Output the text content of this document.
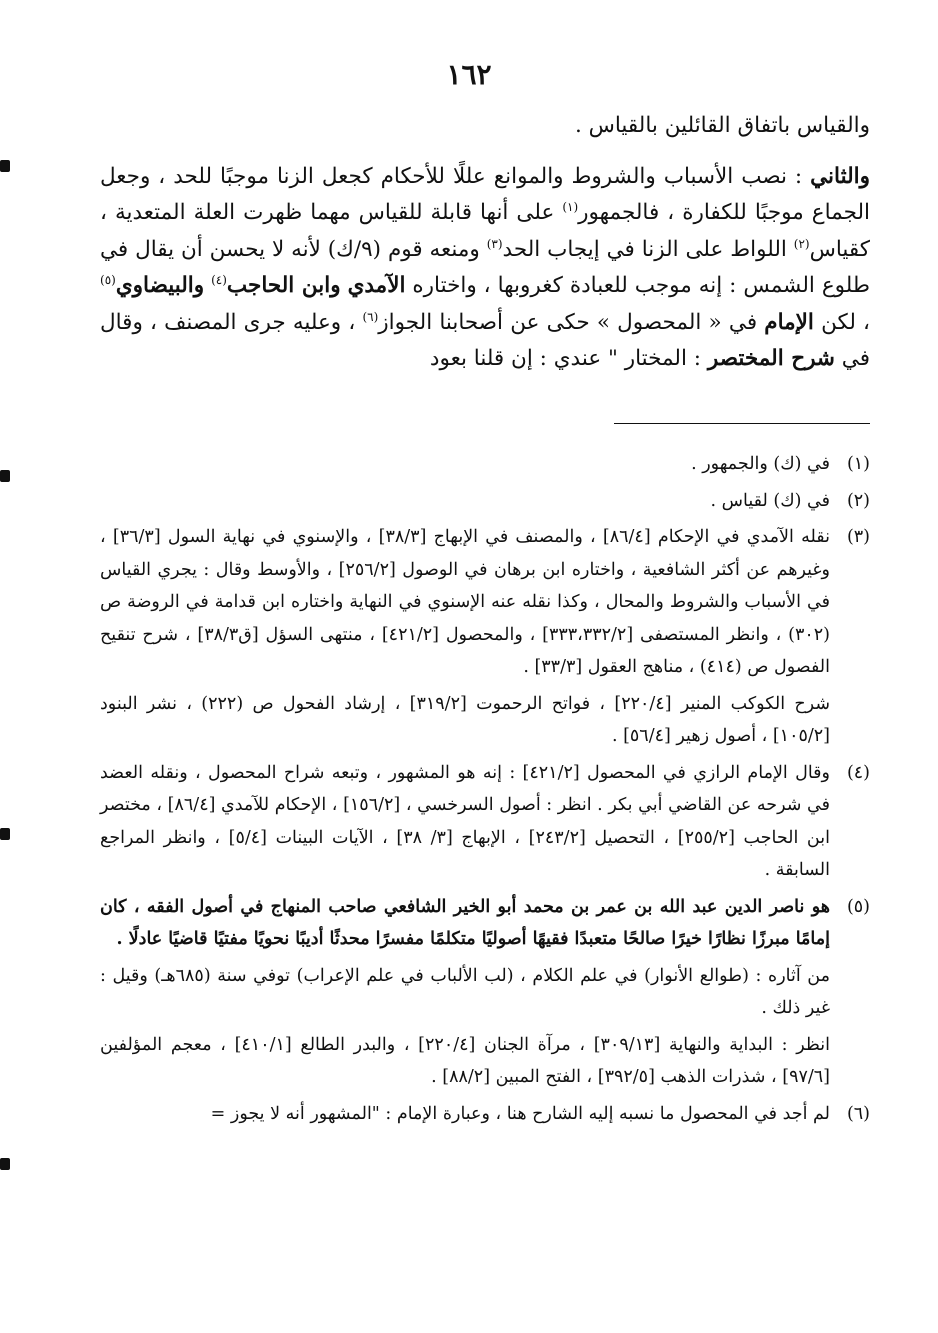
١٦٢

والقياس باتفاق القائلين بالقياس .

والثاني : نصب الأسباب والشروط والموانع عللًا للأحكام كجعل الزنا موجبًا للحد ، وجعل الجماع موجبًا للكفارة ، فالجمهور$^{(١)}$ على أنها قابلة للقياس مهما ظهرت العلة المتعدية ، كقياس$^{(٢)}$ اللواط على الزنا في إيجاب الحد$^{(٣)}$ ومنعه قوم (٩/ك) لأنه لا يحسن أن يقال في طلوع الشمس : إنه موجب للعبادة كغروبها ، واختاره الآمدي وابن الحاجب$^{(٤)}$ والبيضاوي$^{(٥)}$ ، لكن الإمام في « المحصول » حكى عن أصحابنا الجواز$^{(٦)}$ ، وعليه جرى المصنف ، وقال في شرح المختصر : المختار " عندي : إن قلنا بعود

(١)
في (ك) والجمهور .
(٢)
في (ك) لقياس .
(٣)
نقله الآمدي في الإحكام [٨٦/٤] ، والمصنف في الإبهاج [٣٨/٣] ، والإسنوي في نهاية السول [٣٦/٣] ، وغيرهم عن أكثر الشافعية ، واختاره ابن برهان في الوصول [٢٥٦/٢] ، والأوسط وقال : يجري القياس في الأسباب والشروط والمحال ، وكذا نقله عنه الإسنوي في النهاية واختاره ابن قدامة في الروضة ص (٣٠٢) ، وانظر المستصفى [٣٣٣،٣٣٢/٢] ، والمحصول [٤٢١/٢] ، منتهى السؤل [ق٣٨/٣] ، شرح تنقيح الفصول ص (٤١٤) ، مناهج العقول [٣٣/٣] .
شرح الكوكب المنير [٢٢٠/٤] ، فواتح الرحموت [٣١٩/٢] ، إرشاد الفحول ص (٢٢٢) ، نشر البنود [١٠٥/٢] ، أصول زهير [٥٦/٤] .
(٤)
وقال الإمام الرازي في المحصول [٤٢١/٢] : إنه هو المشهور ، وتبعه شراح المحصول ، ونقله العضد في شرحه عن القاضي أبي بكر . انظر : أصول السرخسي ، [١٥٦/٢] ، الإحكام للآمدي [٨٦/٤] ، مختصر ابن الحاجب [٢٥٥/٢] ، التحصيل [٢٤٣/٢] ، الإبهاج [٣/ ٣٨] ، الآيات البينات [٥/٤] ، وانظر المراجع السابقة .
(٥)
هو ناصر الدين عبد الله بن عمر بن محمد أبو الخير الشافعي صاحب المنهاج في أصول الفقه ، كان إمامًا مبرزًا نظارًا خيرًا صالحًا متعبدًا فقيهًا أصوليًا متكلمًا مفسرًا محدثًا أديبًا نحويًا مفتيًا قاضيًا عادلًا .
من آثاره : (طوالع الأنوار) في علم الكلام ، (لب الألباب في علم الإعراب) توفي سنة (٦٨٥هـ) وقيل : غير ذلك .
انظر : البداية والنهاية [٣٠٩/١٣] ، مرآة الجنان [٢٢٠/٤] ، والبدر الطالع [٤١٠/١] ، معجم المؤلفين [٩٧/٦] ، شذرات الذهب [٣٩٢/٥] ، الفتح المبين [٨٨/٢] .
(٦)
لم أجد في المحصول ما نسبه إليه الشارح هنا ، وعبارة الإمام : "المشهور أنه لا يجوز =
